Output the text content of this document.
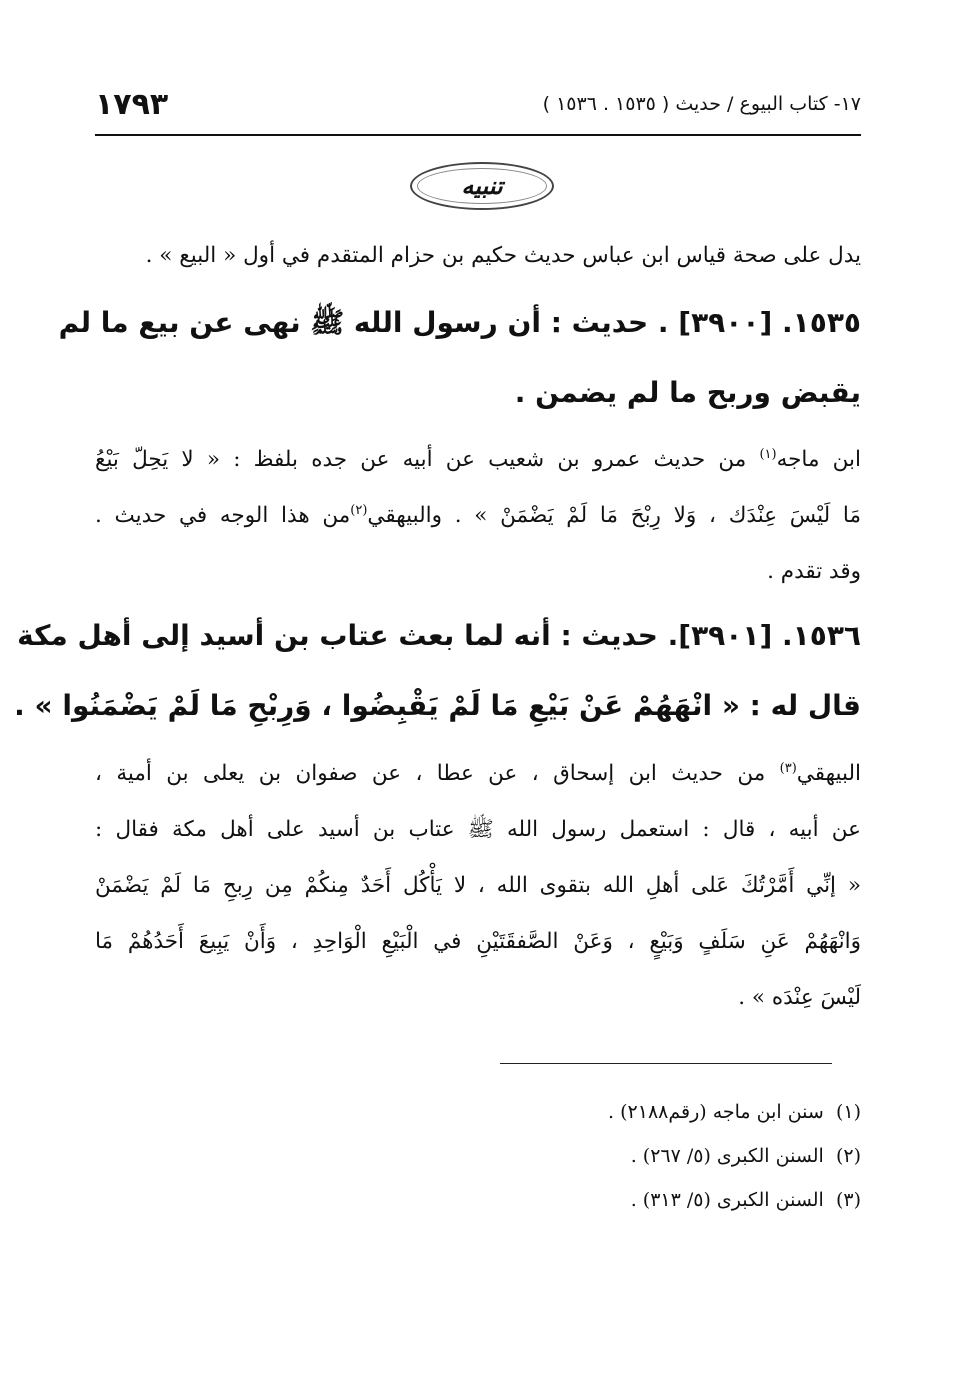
١٧٩٣	١٧- كتاب البيوع / حديث ( ١٥٣٥ . ١٥٣٦ )
تنبيه
يدل على صحة قياس ابن عباس حديث حكيم بن حزام المتقدم في أول « البيع » .
١٥٣٥. [٣٩٠٠] . حديث : أن رسول الله ﷺ نهى عن بيع ما لم
يقبض وربح ما لم يضمن .
ابن ماجه$^{(١)}$ من حديث عمرو بن شعيب عن أبيه عن جده بلفظ : « لا يَحِلّ بَيْعُ
مَا لَيْسَ عِنْدَك ، وَلا رِبْحَ مَا لَمْ يَضْمَنْ » . والبيهقي$^{(٢)}$من هذا الوجه في حديث .
وقد تقدم .
١٥٣٦. [٣٩٠١]. حديث : أنه لما بعث عتاب بن أسيد إلى أهل مكة
قال له : « انْهَهُمْ عَنْ بَيْعِ مَا لَمْ يَقْبِضُوا ، وَرِبْحِ مَا لَمْ يَضْمَنُوا » .
البيهقي$^{(٣)}$ من حديث ابن إسحاق ، عن عطا ، عن صفوان بن يعلى بن أمية ،
عن أبيه ، قال : استعمل رسول الله ﷺ عتاب بن أسيد على أهل مكة فقال :
« إنِّي أَمَّرْتُكَ عَلى أهلِ الله بتقوى الله ، لا يَأْكُل أَحَدٌ مِنكُمْ مِن رِبحِ مَا لَمْ يَضْمَنْ
وَانْهَهُمْ عَنِ سَلَفٍ وَبَيْعٍ ، وَعَنْ الصَّفقَتَيْنِ في الْبَيْعِ الْوَاحِدِ ، وَأَنْ يَبِيعَ أَحَدُهُمْ مَا
لَيْسَ عِنْدَه » .
(١)  سنن ابن ماجه (رقم٢١٨٨) .
(٢)  السنن الكبرى (٥/ ٢٦٧) .
(٣)  السنن الكبرى (٥/ ٣١٣) .
